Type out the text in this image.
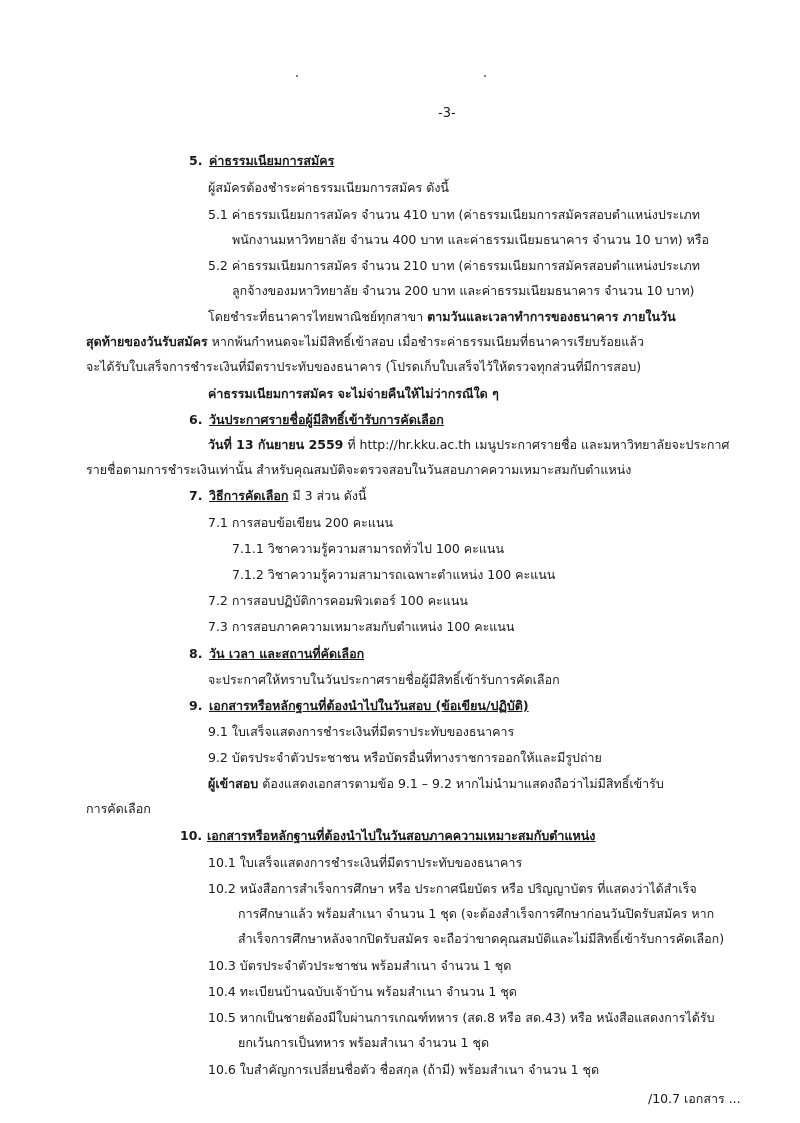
-3-
5. ค่าธรรมเนียมการสมัคร
ผู้สมัครต้องชำระค่าธรรมเนียมการสมัคร ดังนี้
5.1 ค่าธรรมเนียมการสมัคร จำนวน 410 บาท (ค่าธรรมเนียมการสมัครสอบตำแหน่งประเภท
พนักงานมหาวิทยาลัย จำนวน 400 บาท และค่าธรรมเนียมธนาคาร จำนวน 10 บาท) หรือ
5.2 ค่าธรรมเนียมการสมัคร จำนวน 210 บาท (ค่าธรรมเนียมการสมัครสอบตำแหน่งประเภท
ลูกจ้างของมหาวิทยาลัย จำนวน 200 บาท และค่าธรรมเนียมธนาคาร จำนวน 10 บาท)
โดยชำระที่ธนาคารไทยพาณิชย์ทุกสาขา ตามวันและเวลาทำการของธนาคาร ภายในวัน
สุดท้ายของวันรับสมัคร หากพ้นกำหนดจะไม่มีสิทธิ์เข้าสอบ เมื่อชำระค่าธรรมเนียมที่ธนาคารเรียบร้อยแล้ว
จะได้รับใบเสร็จการชำระเงินที่มีตราประทับของธนาคาร (โปรดเก็บใบเสร็จไว้ให้ตรวจทุกส่วนที่มีการสอบ)
ค่าธรรมเนียมการสมัคร จะไม่จ่ายคืนให้ไม่ว่ากรณีใด ๆ
6. วันประกาศรายชื่อผู้มีสิทธิ์เข้ารับการคัดเลือก
วันที่ 13 กันยายน 2559 ที่ http://hr.kku.ac.th เมนูประกาศรายชื่อ และมหาวิทยาลัยจะประกาศ
รายชื่อตามการชำระเงินเท่านั้น สำหรับคุณสมบัติจะตรวจสอบในวันสอบภาคความเหมาะสมกับตำแหน่ง
7. วิธีการคัดเลือก มี 3 ส่วน ดังนี้
7.1 การสอบข้อเขียน 200 คะแนน
7.1.1 วิชาความรู้ความสามารถทั่วไป 100 คะแนน
7.1.2 วิชาความรู้ความสามารถเฉพาะตำแหน่ง 100 คะแนน
7.2 การสอบปฏิบัติการคอมพิวเตอร์ 100 คะแนน
7.3 การสอบภาคความเหมาะสมกับตำแหน่ง 100 คะแนน
8. วัน เวลา และสถานที่คัดเลือก
จะประกาศให้ทราบในวันประกาศรายชื่อผู้มีสิทธิ์เข้ารับการคัดเลือก
9. เอกสารหรือหลักฐานที่ต้องนำไปในวันสอบ (ข้อเขียน/ปฏิบัติ)
9.1 ใบเสร็จแสดงการชำระเงินที่มีตราประทับของธนาคาร
9.2 บัตรประจำตัวประชาชน หรือบัตรอื่นที่ทางราชการออกให้และมีรูปถ่าย
ผู้เข้าสอบ ต้องแสดงเอกสารตามข้อ 9.1 – 9.2 หากไม่นำมาแสดงถือว่าไม่มีสิทธิ์เข้ารับ
การคัดเลือก
10. เอกสารหรือหลักฐานที่ต้องนำไปในวันสอบภาคความเหมาะสมกับตำแหน่ง
10.1 ใบเสร็จแสดงการชำระเงินที่มีตราประทับของธนาคาร
10.2 หนังสือการสำเร็จการศึกษา หรือ ประกาศนียบัตร หรือ ปริญญาบัตร ที่แสดงว่าได้สำเร็จ
การศึกษาแล้ว พร้อมสำเนา จำนวน 1 ชุด (จะต้องสำเร็จการศึกษาก่อนวันปิดรับสมัคร หาก
สำเร็จการศึกษาหลังจากปิดรับสมัคร จะถือว่าขาดคุณสมบัติและไม่มีสิทธิ์เข้ารับการคัดเลือก)
10.3 บัตรประจำตัวประชาชน พร้อมสำเนา จำนวน 1 ชุด
10.4 ทะเบียนบ้านฉบับเจ้าบ้าน พร้อมสำเนา จำนวน 1 ชุด
10.5 หากเป็นชายต้องมีใบผ่านการเกณฑ์ทหาร (สด.8 หรือ สด.43) หรือ หนังสือแสดงการได้รับ
ยกเว้นการเป็นทหาร พร้อมสำเนา จำนวน 1 ชุด
10.6 ใบสำคัญการเปลี่ยนชื่อตัว ชื่อสกุล (ถ้ามี) พร้อมสำเนา จำนวน 1 ชุด
/10.7 เอกสาร ...
